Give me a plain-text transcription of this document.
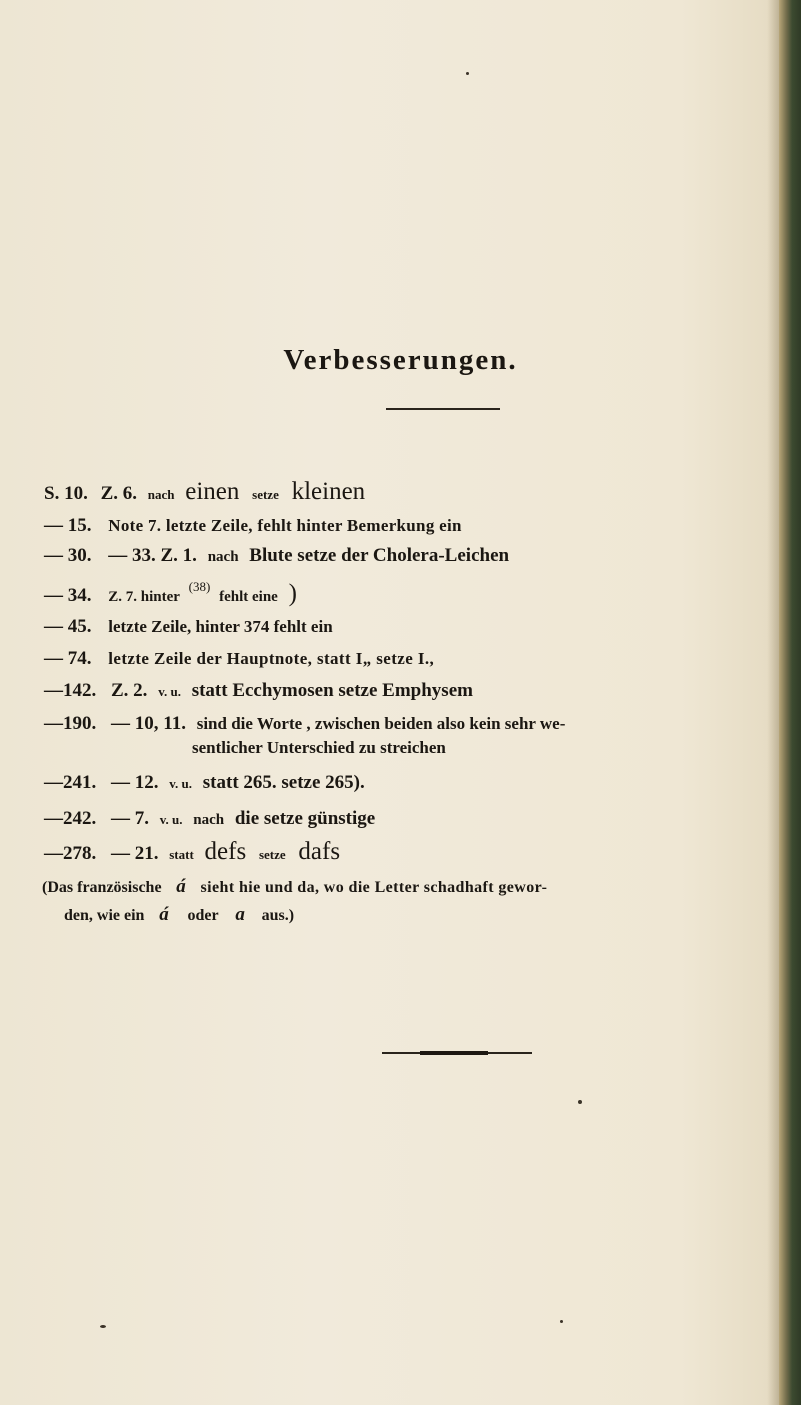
Verbesserungen.
S. 10. Z. 6. nach einen setze kleinen
— 15. Note 7. letzte Zeile, fehlt hinter Bemerkung ein
— 30. — 33. Z. 1. nach Blute setze der Cholera-Leichen
— 34. Z. 7. hinter (38) fehlt eine )
— 45. letzte Zeile, hinter 374 fehlt ein
— 74. letzte Zeile der Hauptnote, statt I„ setze I.,
—142. Z. 2. v. u. statt Ecchymosen setze Emphysem
—190. — 10, 11. sind die Worte , zwischen beiden also kein sehr we-
sentlicher Unterschied zu streichen
—241. — 12. v. u. statt 265. setze 265).
—242. — 7. v. u. nach die setze günstige
—278. — 21. statt defs setze dafs
(Das französische á sieht hie und da, wo die Letter schadhaft gewor-
den, wie ein á oder a aus.)
